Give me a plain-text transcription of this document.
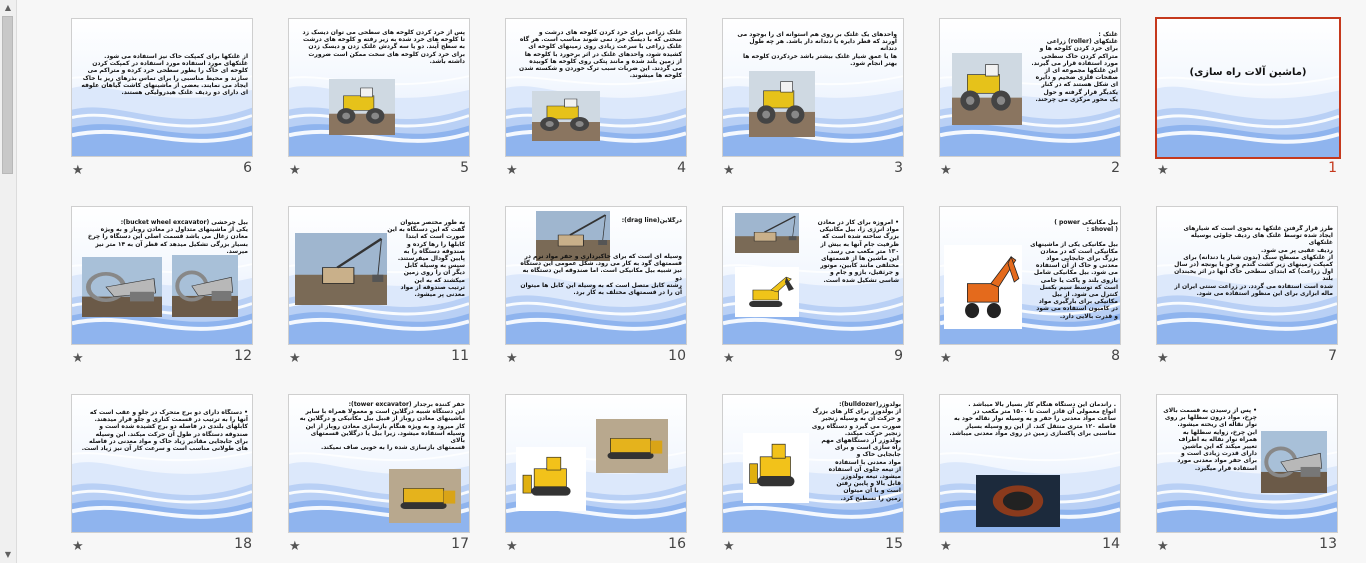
▲
▼
(ماشین آلات راه سازی)
★	1
غلتک :
غلتکهای (roller) زراعی
برای خرد کردن کلوخه ها و
متراکم کردن خاک سطحی
مورد استفاده قرار می گیرند.
این غلتکها مجموعه ای از
صفحات فلزی ضخیم و دایره
ای شکل هستند که در کنار
یکدیگر قرار گرفته و حول
یک محور مرکزی می چرخند.
★	2
واحدهای یک غلتک بر روی هم استوانه ای را بوجود می
آورند که قطر دایره یا دندانه دار باشد. هر چه طول دندانه
ها یا عمق شیار غلتک بیشتر باشد خردکردن کلوخه ها
بهتر انجام شود.
★	3
غلتک زراعی برای خرد کردن کلوخه های درشت و
سختی که با دیسک خرد نمی شوند مناسب است. هر گاه
غلتک زراعی با سرعت زیادی روی زمینهای کلوخه ای
کشیده شود، واحدهای غلتک در اثر برخورد با کلوخه ها
از زمین بلند شده و مانند پتکی روی کلوخه ها کوبیده
می گردند. این ضربات سبب ترک خوردن و شکسته شدن
کلوخه ها میشوند.
★	4
پس از خرد کردن کلوخه های سطحی می توان دیسک زد
تا کلوخه های خرد شده به زیر رفته و کلوخه های درشت
به سطح آیند. دو یا سه گردش غلتک زدن و دیسک زدن
برای خرد کردن کلوخه های سخت ممکن است ضرورت
داشته باشد.
★	5
از غلتکها برای کمپکت خاک نیز استفاده می شود.
غلتکهای مورد استفاده مورد استفاده در کمپکت کردن
کلوخه ای خاک را بطور سطحی خرد کرده و متراکم می
سازند و محیط مناسبی را برای تماس بذرهای ریز با خاک
ایجاد می نمایند. بعضی از ماشینهای کاشت گیاهان علوفه
ای دارای دو ردیف غلتک هیدرولیکی هستند.
★	6
طرز قرار گرفتن غلتکها به نحوی است که شیارهای
ایجاد شده توسط غلتک های ردیف جلوئی بوسیله غلتکهای
ردیف عقبی پر می شود.
از غلتکهای مسطح سبک (بدون شیار یا دندانه) برای
کمپکت زمینهای زیر کشت گندم و جو یا یونجه (در سال
اول زراعت) که ابتدای سطحی خاک آنها در اثر یخبندان بلند
شده است استفاده می گردد. در زراعت سنتی ایران از
ماله ابزاری برای این منظور استفاده می شود.
★	7
بیل مکانیکی power )
( shovel :

بیل مکانیکی یکی از ماشینهای
مکانیکی است که در معادن
بزرگ برای جابجایی مواد
معدنی و خاک از آن استفاده
می شود. بیل مکانیکی شامل
بازوی بلند و پاکت یا جامی
است که توسط سیم بکسل
کنترل می شود. از بیل
مکانیکی برای بارگیری مواد
در کامیون استفاده می شود
و قدرت بالایی دارد.
★	8
• امروزه برای کار در معادن
مواد انرژی زا، بیل مکانیکی
بزرگ ساخته شده است که
ظرفیت جام آنها به بیش از
۱۳۰ متر مکعب می رسد.
این ماشین ها از قسمتهای
مختلفی مانند کابین، موتور
و جرثقیل، بازو و جام و
شاسی تشکیل شده است.
★	9
درگلاین(drag line):

وسیله ای است که برای خاکبرداری و حفر مواد نرم در
قسمتهای گود به کار می رود. شکل عمومی این دستگاه
نیز شبیه بیل مکانیکی است. اما صندوقه این دستگاه به دو
رشته کابل متصل است که به وسیله این کابل ها میتوان
آن را در قسمتهای مختلف به کار برد.
★	10
به طور مختصر میتوان
گفت که این دستگاه به این
صورت است که ابتدا
کابلها را رها کرده و
صندوقه دستگاه را به
پایین گودال میفرستند.
سپس به وسیله کابل
دیگر آن را روی زمین
میکشند که به این
ترتیب صندوقه از مواد
معدنی پر میشود.
★	11
بیل چرخشی (bucket wheel excavator):
یکی از ماشینهای متداول در معادن روباز و به ویژه
معادن زغال می باشد قسمت اصلی این دستگاه را چرخ
بسیار بزرگی تشکیل میدهد که قطر آن به ۱۴ متر نیز
میرسد.
★	12
• پس از رسیدن به قسمت بالای
چرخ، مواد درون سطلها بر روی
نوار نقاله ای ریخته میشود.
این چرخ، زوایه سطلها به
همراه نوار نقاله به اطراف
تغییر میکند که این ماشین
دارای قدرت زیادی است و
برای حفر مواد معدنی مورد
استفاده قرار میگیرد.
★	13
. راندمان این دستگاه هنگام کار بسیار بالا میباشد .
انواع معمولی آن قادر است تا ۱۵۰۰ متر مکعب در
ساعت مواد معدنی را حفر و به وسیله نوار نقاله خود به
فاصله ۱۲۰ متری منتقل کند. از این رو وسیله بسیار
مناسبی برای پاکسازی زمین در روی مواد معدنی میباشد.
★	14
بولدوزر(bulldozer):
از بولدوزر برای کار های بزرگ
و حرکت آن به وسیله زنجیر
صورت می گیرد و دستگاه روی
زنجیر حرکت میکند.
بولدوزر از دستگاههای مهم
راه سازی است و برای
جابجایی خاک و
مواد معدنی با استفاده
از تیغه جلوی آن استفاده
میشود. تیغه بولدوزر
قابل بالا و پایین رفتن
است و با آن میتوان
زمین را تسطیح کرد.
★	15
★	16
حفر کننده برجدار (tower excavator):
این دستگاه شبیه درگلاین است و معمولا همراه با سایر
ماشینهای معادن روباز از قبیل بیل مکانیکی و درگلاین به
کار میرود و به ویژه هنگام بازسازی معادن روباز از این
وسیله استفاده میشود. زیرا بیل یا درگلاین قسمتهای بالای
قسمتهای بازسازی شده را به خوبی صاف نمیکند.
★	17
• دستگاه دارای دو برج متحرک در جلو و عقب است که
آنها را به ترتیب در قسمت کناری و جلو قرار میدهند.
کابلهای بلندی در فاصله دو برج کشیده شده است و
صندوقه دستگاه در طول آن حرکت میکند. این وسیله
برای جابجایی مقادیر زیاد خاک و مواد معدنی در فاصله
های طولانی مناسب است و سرعت کار آن نیز زیاد است.
★	18
